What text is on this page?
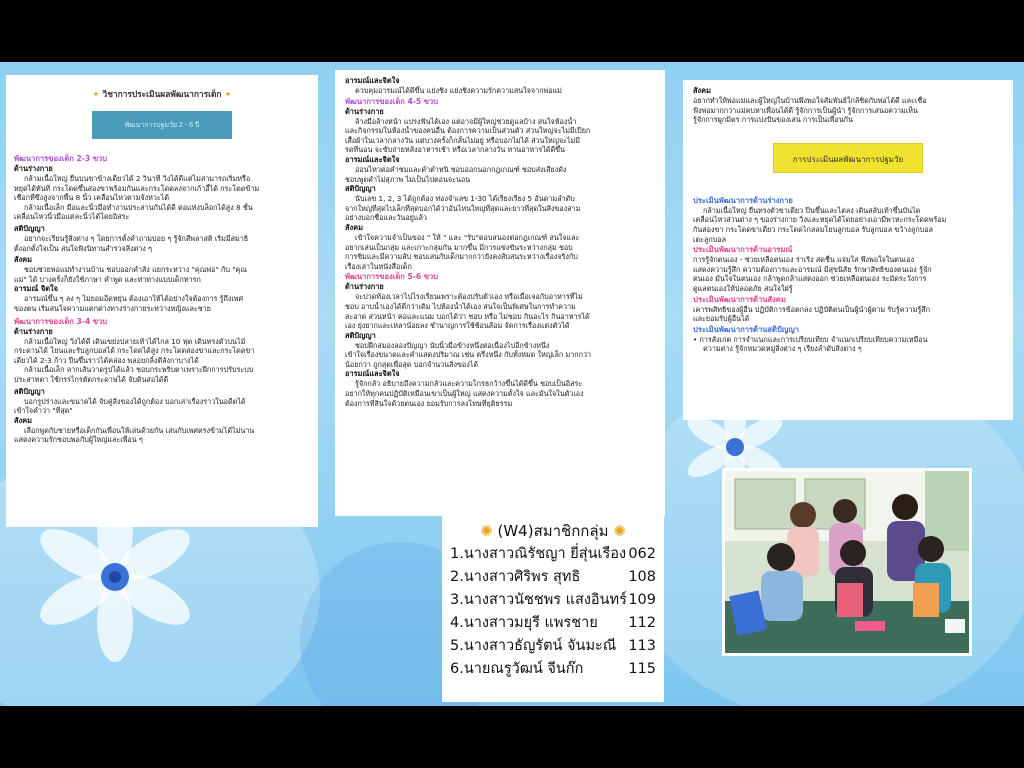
✦ วิชาการประเมินผลพัฒนาการเด็ก ✦
พัฒนาการปฐมวัย 2 - 6 ปี

พัฒนาการของเด็ก 2-3 ขวบ

ด้านร่างกาย

กล้ามเนื้อใหญ่ ยืนบนขาข้างเดียวได้ 2 วินาที วิ่งได้ดีแต่ไม่สามารถเริ่มหรือ

หยุดได้ทันที กระโดดขึ้นสองขาพร้อมกันและกระโดดลงจากเก้าอี้ได้ กระโดดข้าม

เชือกที่ขึงสูงจากพื้น 8 นิ้ว เคลื่อนไหวตามจังหวะได้

กล้ามเนื้อเล็ก มือและนิ้วมือทำงานประสานกันได้ดี ต่อแท่งบล็อกได้สูง 8 ชั้น

เคลื่อนไหวนิ้วมือแต่ละนิ้วได้โดยอิสระ

สติปัญญา

อยากจะเรียนรู้สิ่งต่าง ๆ โดยการตั้งคำถามบ่อย ๆ รู้จักสีพลาสติ เริ่มมีสมาธิ

ตั้งอกตั้งใจเป็น สนใจฟังนิทานสำรวจสิ่งต่าง ๆ

สังคม

ชอบช่วยพ่อแม่ทำงานบ้าน ชอบออกคำสั่ง แยกระหว่าง "คุณพ่อ" กับ "คุณ

แม่" ได้ บางครั้งก็ยังใช้ภาษา คำพูด และท่าทางแบบเด็กทารก

อารมณ์ จิตใจ

อารมณ์ขึ้น ๆ ลง ๆ ไม่ยอมอีดหยุ่น ต้องเอาให้ได้อย่างใจต้องการ รู้ถึงเพศ

ของตน เริ่มสนใจความแตกต่างทางร่างกายระหว่างหญิงและชาย

พัฒนาการของเด็ก 3-4 ขวบ

ด้านร่างกาย

กล้ามเนื้อใหญ่ วิ่งได้ดี เดินเขย่งปลายเท้าได้ไกล 10 ฟุต เดินทรงตัวบนไม้

กระดานได้ โยนและรับลูกบอลได้ กระโดดได้สูง กระโดดสองขาและกระโดดขา

เดียวได้ 2-3 ก้าว ปีนขึ้นราวได้คล่อง พลอยกลิ้งตีลังกาบางได้

กล้ามเนื้อเล็ก ลากเส้นวาดรูปได้แล้ว ชอบกระพริบตาเพราะฝึกการปรับระบบ

ประสาทตา ใช้กรรไกรตัดกระดาษได้ จับดินสอได้ดี

สติปัญญา

บอกรูปร่างและขนาดได้ จับคู่สิ่งของได้ถูกต้อง บอกเล่าเรื่องราวในอดีตได้

เข้าใจคำว่า "ที่สุด"

สังคม

เลือกพูดกับชายหรือเด็กกันเพื่อนให้เล่นด้วยกัน เล่นกับเพศตรงข้ามได้ไม่นาน

แสดงความรักชอบพอกับผู้ใหญ่และเพื่อน ๆ

อารมณ์และจิตใจ

ควบคุมอารมณ์ได้ดีขึ้น แย่งชิง แย่งชิงความรักความสนใจจากพ่อแม่

พัฒนาการของเด็ก 4-5 ขวบ

ด้านร่างกาย

ล้างมือล้างหน้า แปรงฟันได้เอง แต่อาจมีผู้ใหญ่ช่วยดูแลบ้าง สนใจห้องน้ำ

และกิจกรรมในห้องน้ำของคนอื่น ต้องการความเป็นส่วนตัว ส่วนใหญ่จะไม่มีเปียก

เสื้อผ้าในเวลากลางวัน แต่บางครั้งก็กลั้นไม่อยู่ หรือบอกไม่ได้ ส่วนใหญ่จะไม่มี

รดที่นอน จะขับถ่ายหลังอาหารเช้า หรือเวลากลางวัน ทานอาหารได้ดีขึ้น

อารมณ์และจิตใจ

อ่อนไหวต่อคำชมและคำตำหนิ ชอบออกนอกกฎเกณฑ์ ชอบส่งเสียงดัง

ชอบพูดคำไม่สุภาพ ไม่เป็นไปตอนจะนอน

สติปัญญา

นับเลข 1, 2, 3 ได้ถูกต้อง ท่องจำเลข 1-30 ได้เรียงเรียง 5 อันดามลำดับ

จากใหญ่ที่สุดไปเล็กที่สุดบอกได้ว่าอันไหนใหญ่ที่สุดและยาวที่สุดในสิ่งของสาม

อย่างบอกชื่อและวันอยู่แล้ว

สังคม

เข้าใจความจำเป็นของ " ให้ " และ "รับ"ตอบสนองต่อกฎเกณฑ์ สนใจและ

อยากเล่นเป็นกลุ่ม และเกาะกลุ่มกัน มากขึ้น มีการแข่งขันระหว่างกลุ่ม ชอบ

การชิมและมีความลับ ชอบเล่นกับเด็กมากกว่ายังคงสับสนระหว่างเรื่องจริงกับ

เรื่องเล่าในหนังสือเด็ก

พัฒนาการของเด็ก 5-6 ขวบ

ด้านร่างกาย

จะปวดท้องเวลาไปโรงเรียนเพราะต้องปรับตัวเอง หรือเมื่อเจอกับอาหารที่ไม่

ชอบ อาบน้ำเองได้ดีกว่าเดิม ไปห้องน้ำได้เอง สนใจเป็นพิเศษในการทำความ

สะอาด ส่วนหน้า คอและแนม บอกได้ว่า ชอบ หรือ ไม่ชอบ กินอะไร กินอาหารได้

เอง ยุ่งยากและเหลาน้อยลง ชำนาญการใช้ช้อนส้อม จัดการเรื่องแต่งตัวได้

สติปัญญา

ชอบฝึกสมองลองปัญญา นับนิ้วมือข้างหนึ่งต่อเนื่องไปอีกข้างหนึ่ง

เข้าใจเรื่องขนาดและคำแสดงปริมาณ เช่น ครึ่งหนึ่ง กับทั้งหมด ใหญ่เล็ก มากกว่า

น้อยกว่า ถูกสุดเพื่อสุด บอกจำนวนสิ่งของได้

อารมณ์และจิตใจ

รู้จักกลัว อธิบายถึงความกลัวและความโกรธกว้างขึ้นได้ดีขึ้น ชอบเป็นอิสระ

อยากให้ทุกคนปฏิบัติเหมือนเขาเป็นผู้ใหญ่ แสดงความตั้งใจ และมั่นใจในตัวเอง

ต้องการที่สินใจด้วยตนเอง ยอมรับการลงโทษที่ยุติธรรม

สังคม

อยากทำให้พ่อแม่และผู้ใหญ่ในบ้านพึงพอใจสัมพันธ์ใกล้ชิดกับพ่อได้ดี และเชื่อ

ฟังพ่อมากกว่าแม่คบหาเพื่อนได้ดี รู้จักการเป็นผู้นำ รู้จักการเสนอความเห็น

รู้จักการผูกมิตร การแบ่งปันของเล่น การเป็นเพื่อนกัน

การประเมินผลพัฒนาการปฐมวัย

ประเมินพัฒนาการด้านร่างกาย

กล้ามเนื้อใหญ่ ยืนทรงตัวขาเดียว ปีนขึ้นและไต่ลง เดินสลับเท้าขึ้นบันได

เคลื่อนไหวส่วนต่าง ๆ ของร่างกาย วิ่งและหยุดได้โดยอย่างเอามีพาหะกระโดดพร้อม

กันสองขา กระโดดขาเดียว กระโดดไกลลมโยนลูกบอล รับลูกบอล ขว้างลูกบอล

เตะลูกบอล

ประเมินพัฒนาการด้านอารมณ์

การรู้จักตนเอง - ช่วยเหลือตนเอง ร่าเริง สดชื่น แจ่มใส พึงพอใจในตนเอง

แสดงความรู้สึก ความต้องการและอารมณ์ มีสุขนิสัย รักษาสิทธิของตนเอง รู้จัก

ตนเอง มั่นใจในตนเอง กล้าพูดกล้าแสดงออก ช่วยเหลือตนเอง ระมัดระวังการ

ดูแลตนเองให้ปลอดภัย สนใจใฝ่รู้

ประเมินพัฒนาการด้านสังคม

เคารพสิทธิของผู้อื่น ปฏิบัติการข้อตกลง ปฏิบัติตนเป็นผู้นำผู้ตาม รับรู้ความรู้สึก

และยอมรับผู้อื่นได้

ประเมินพัฒนาการด้านสติปัญญา

• การสังเกต การจำแนกและการเปรียบเทียบ จำแนกเปรียบเทียบความเหมือน

ความต่าง รู้จักหมวดหมู่สิ่งต่าง ๆ เรียงลำดับสิ่งต่าง ๆ

✺ (W4)สมาชิกกลุ่ม ✺
1.นางสาวณิรัชญา ยี่สุ่นเรือง 062
2.นางสาวศิริพร สุทธิ	108
3.นางสาวนัชชพร แสงอินทร์ 109
4.นางสาวมยุรี แพรชาย 112
5.นางสาวธัญรัตน์ จันมะณี 113
6.นายณรูวัฒน์ จีนก๊ก	115
